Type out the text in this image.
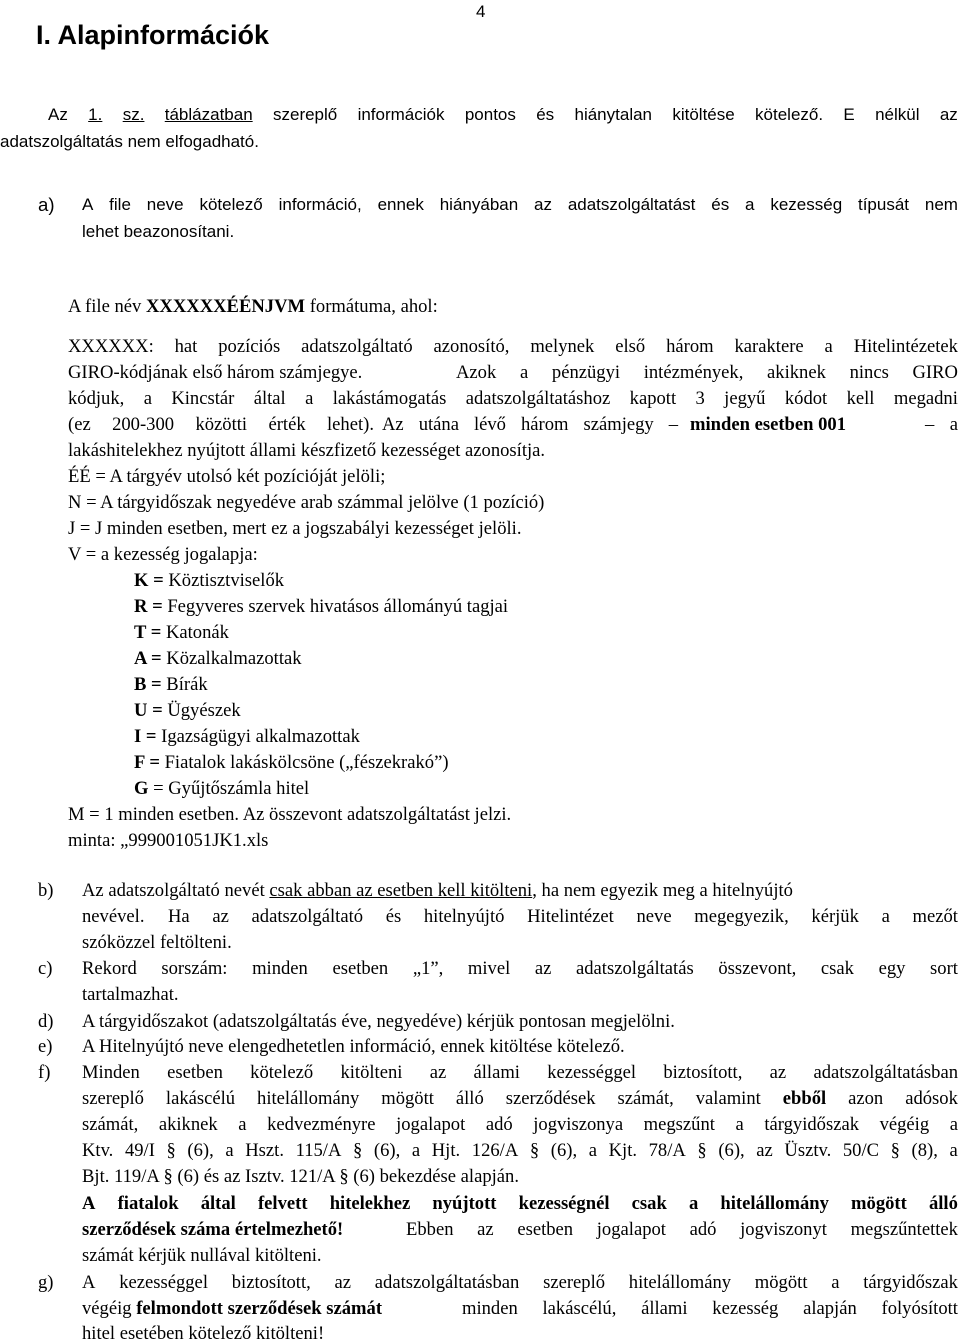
4
I. Alapinformációk
Az 1. sz. táblázatban szereplő információk pontos és hiánytalan kitöltése kötelező. E nélkül az
adatszolgáltatás nem elfogadható.
a) A file neve kötelező információ, ennek hiányában az adatszolgáltatást és a kezesség típusát nem
lehet beazonosítani.
A file név XXXXXXÉÉNJVM formátuma, ahol:
XXXXXX: hat pozíciós adatszolgáltató azonosító, melynek első három karaktere a Hitelintézetek
GIRO-kódjának első három számjegye.	Azok a pénzügyi intézmények, akiknek nincs GIRO
kódjuk, a Kincstár által a lakástámogatás adatszolgáltatáshoz kapott 3 jegyű kódot kell megadni
(ez 200-300 közötti érték lehet). Az utána lévő három számjegy – minden esetben 001	– a
lakáshitelekhez nyújtott állami készfizető kezességet azonosítja.
ÉÉ = A tárgyév utolsó két pozícióját jelöli;
N = A tárgyidőszak negyedéve arab számmal jelölve (1 pozíció)
J = J minden esetben, mert ez a jogszabályi kezességet jelöli.
V = a kezesség jogalapja:
K = Köztisztviselők
R = Fegyveres szervek hivatásos állományú tagjai
T = Katonák
A = Közalkalmazottak
B = Bírák
U = Ügyészek
I = Igazságügyi alkalmazottak
F = Fiatalok lakáskölcsöne („fészekrakó”)
G = Gyűjtőszámla hitel
M = 1 minden esetben. Az összevont adatszolgáltatást jelzi.
minta: „999001051JK1.xls
b) Az adatszolgáltató nevét csak abban az esetben kell kitölteni, ha nem egyezik meg a hitelnyújtó
nevével. Ha az adatszolgáltató és hitelnyújtó Hitelintézet neve megegyezik, kérjük a mezőt
szóközzel feltölteni.
c) Rekord sorszám: minden esetben „1”, mivel az adatszolgáltatás összevont, csak egy sort
tartalmazhat.
d) A tárgyidőszakot (adatszolgáltatás éve, negyedéve) kérjük pontosan megjelölni.
e) A Hitelnyújtó neve elengedhetetlen információ, ennek kitöltése kötelező.
f) Minden esetben kötelező kitölteni az állami kezességgel biztosított, az adatszolgáltatásban
szereplő lakáscélú hitelállomány mögött álló szerződések számát, valamint ebből azon adósok
számát, akiknek a kedvezményre jogalapot adó jogviszonya megszűnt a tárgyidőszak végéig a
Ktv. 49/I § (6), a Hszt. 115/A § (6), a Hjt. 126/A § (6), a Kjt. 78/A § (6), az Üsztv. 50/C § (8), a
Bjt. 119/A § (6) és az Isztv. 121/A § (6) bekezdése alapján.
A fiatalok által felvett hitelekhez nyújtott kezességnél csak a hitelállomány mögött álló
szerződések száma értelmezhető!	Ebben az esetben jogalapot adó jogviszonyt megszűntettek
számát kérjük nullával kitölteni.
g) A kezességgel biztosított, az adatszolgáltatásban szereplő hitelállomány mögött a tárgyidőszak
végéig felmondott szerződések számát	minden lakáscélú, állami kezesség alapján folyósított
hitel esetében kötelező kitölteni!
